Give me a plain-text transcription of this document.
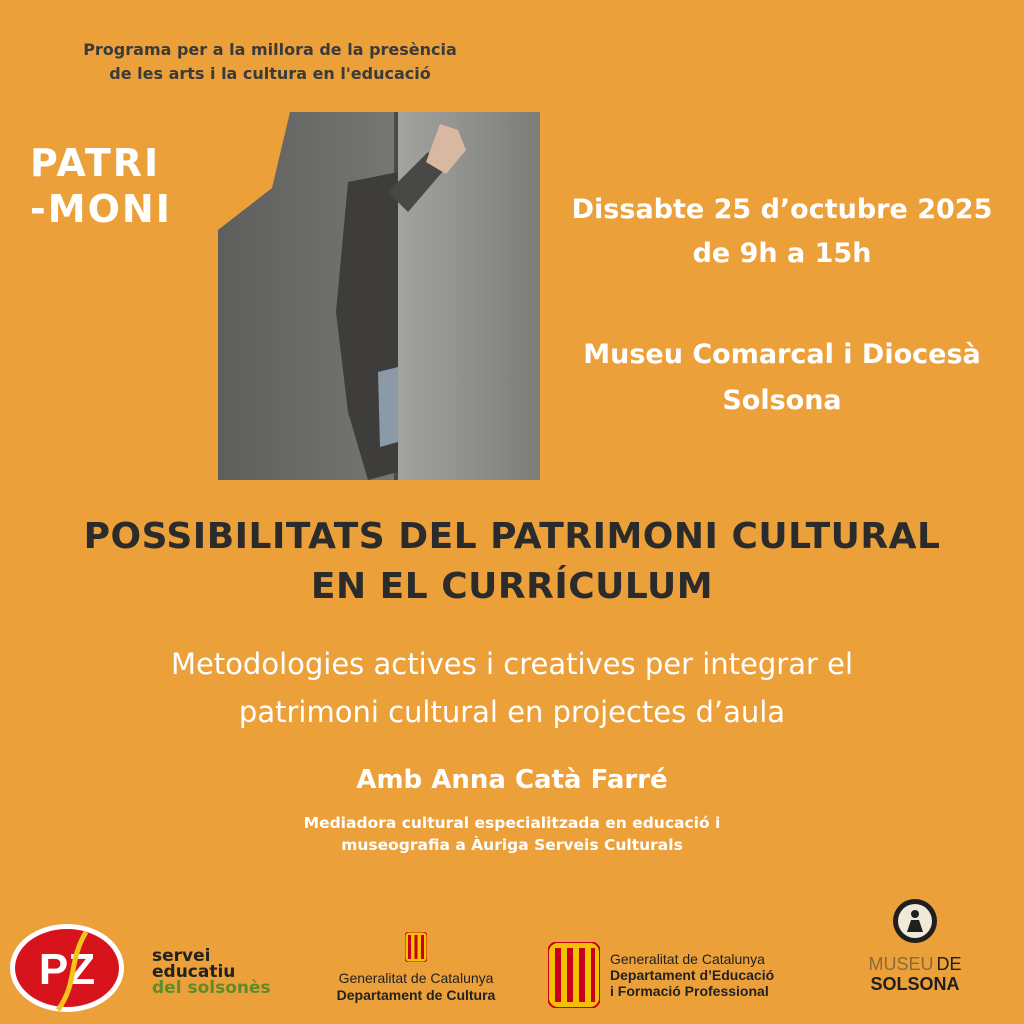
Programa per a la millora de la presència
de les arts i la cultura en l'educació
PATRI
-MONI	Dissabte 25 d’octubre 2025
de 9h a 15h
Museu Comarcal i Diocesà
Solsona
POSSIBILITATS DEL PATRIMONI CULTURAL
EN EL CURRÍCULUM
Metodologies actives i creatives per integrar el
patrimoni cultural en projectes d’aula
Amb Anna Catà Farré
Mediadora cultural especialitzada en educació i
museografia a Àuriga Serveis Culturals
PZ	servei
educatiu
del solsonès	Generalitat de Catalunya
Departament de Cultura
Generalitat de Catalunya
Departament d’Educació
i Formació Professional
MUSEU DE
SOLSONA
